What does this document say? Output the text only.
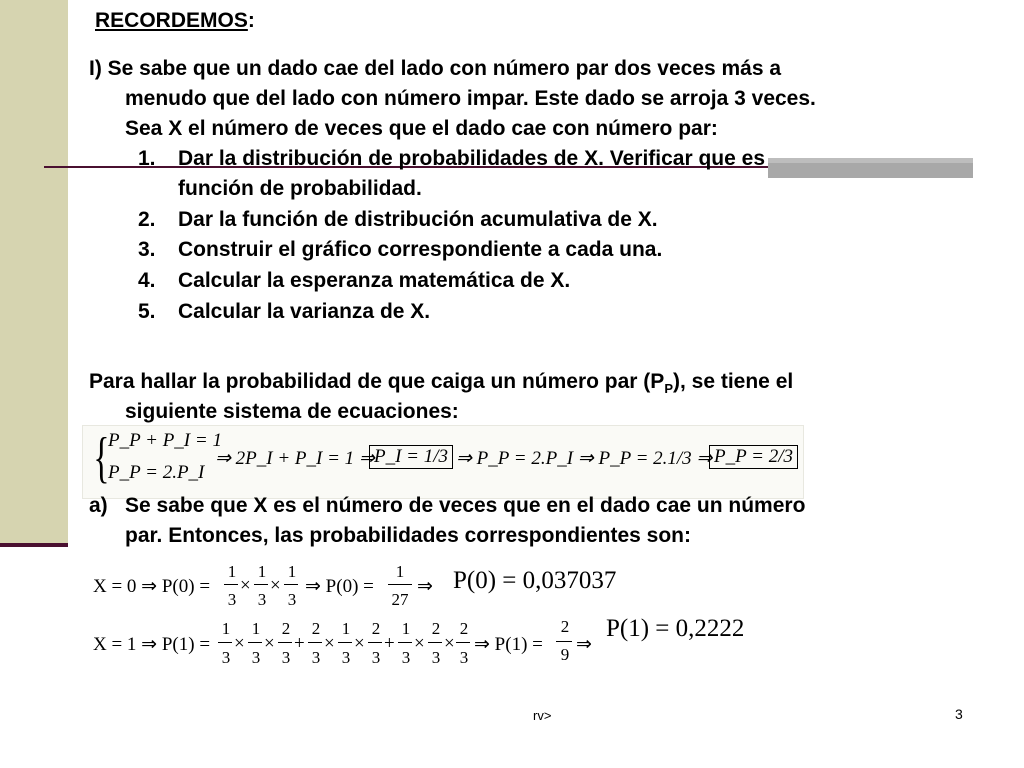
RECORDEMOS:
I) Se sabe que un dado cae del lado con número par dos veces más a
menudo que del lado con número impar. Este dado se arroja 3 veces.
Sea X el número de veces que el dado cae con número par:
1. Dar la distribución de probabilidades de X. Verificar que es
función de probabilidad.
2. Dar la función de distribución acumulativa de X.
3. Construir el gráfico correspondiente a cada una.
4. Calcular la esperanza matemática de X.
5. Calcular la varianza de X.
Para hallar la probabilidad de que caiga un número par $(P_P)$, se tiene el
siguiente sistema de ecuaciones:
{
P_P + P_I = 1
P_P = 2.P_I
⇒ 2P_I + P_I = 1 ⇒ P_I = 1/3 ⇒ P_P = 2.P_I ⇒ P_P = 2.1/3 ⇒ P_P = 2/3
a) Se sabe que X es el número de veces que en el dado cae un número
par. Entonces, las probabilidades correspondientes son:
X = 0 ⇒ P(0) =
1
3
×
1
3
×
1
3
⇒ P(0) =
1
27
⇒ P(0) = 0,037037
X = 1 ⇒ P(1) =
1
3
×
1
3
×
2
3
+
2
3
×
1
3
×
2
3
+
1
3
×
2
3
×
2
3
⇒ P(1) =
2
9 ⇒
P(1) = 0,2222
rv>	3
